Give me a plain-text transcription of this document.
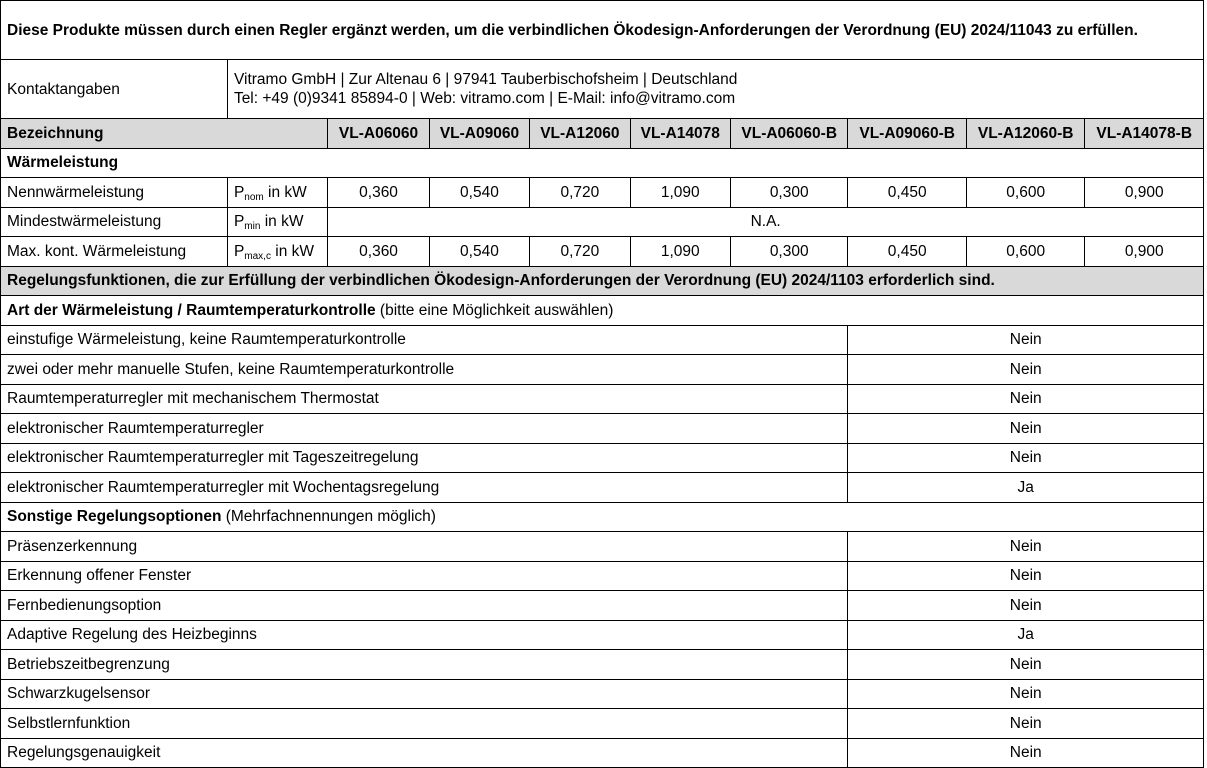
Diese Produkte müssen durch einen Regler ergänzt werden, um die verbindlichen Ökodesign-Anforderungen der Verordnung (EU) 2024/11043 zu erfüllen.									
Kontaktangaben	Vitramo GmbH | Zur Altenau 6 | 97941 Tauberbischofsheim | Deutschland
Tel: +49 (0)9341 85894-0 | Web: vitramo.com | E-Mail: info@vitramo.com								

Bezeichnung		VL-A06060	VL-A09060	VL-A12060	VL-A14078	VL-A06060-B	VL-A09060-B	VL-A12060-B	VL-A14078-B
Wärmeleistung									
Nennwärmeleistung	$P_{nom}$ in kW	0,360	0,540	0,720	1,090	0,300	0,450	0,600	0,900
Mindestwärmeleistung	$P_{min}$ in kW	N.A.							
Max. kont. Wärmeleistung	$P_{max,c}$ in kW	0,360	0,540	0,720	1,090	0,300	0,450	0,600	0,900
Regelungsfunktionen, die zur Erfüllung der verbindlichen Ökodesign-Anforderungen der Verordnung (EU) 2024/1103 erforderlich sind.									
Art der Wärmeleistung / Raumtemperaturkontrolle (bitte eine Möglichkeit auswählen)									
einstufige Wärmeleistung, keine Raumtemperaturkontrolle							Nein		
zwei oder mehr manuelle Stufen, keine Raumtemperaturkontrolle							Nein		
Raumtemperaturregler mit mechanischem Thermostat							Nein		
elektronischer Raumtemperaturregler							Nein		
elektronischer Raumtemperaturregler mit Tageszeitregelung							Nein		
elektronischer Raumtemperaturregler mit Wochentagsregelung							Ja		
Sonstige Regelungsoptionen (Mehrfachnennungen möglich)									
Präsenzerkennung							Nein		
Erkennung offener Fenster							Nein		
Fernbedienungsoption							Nein		
Adaptive Regelung des Heizbeginns							Ja		
Betriebszeitbegrenzung							Nein		
Schwarzkugelsensor							Nein		
Selbstlernfunktion							Nein		
Regelungsgenauigkeit							Nein		
